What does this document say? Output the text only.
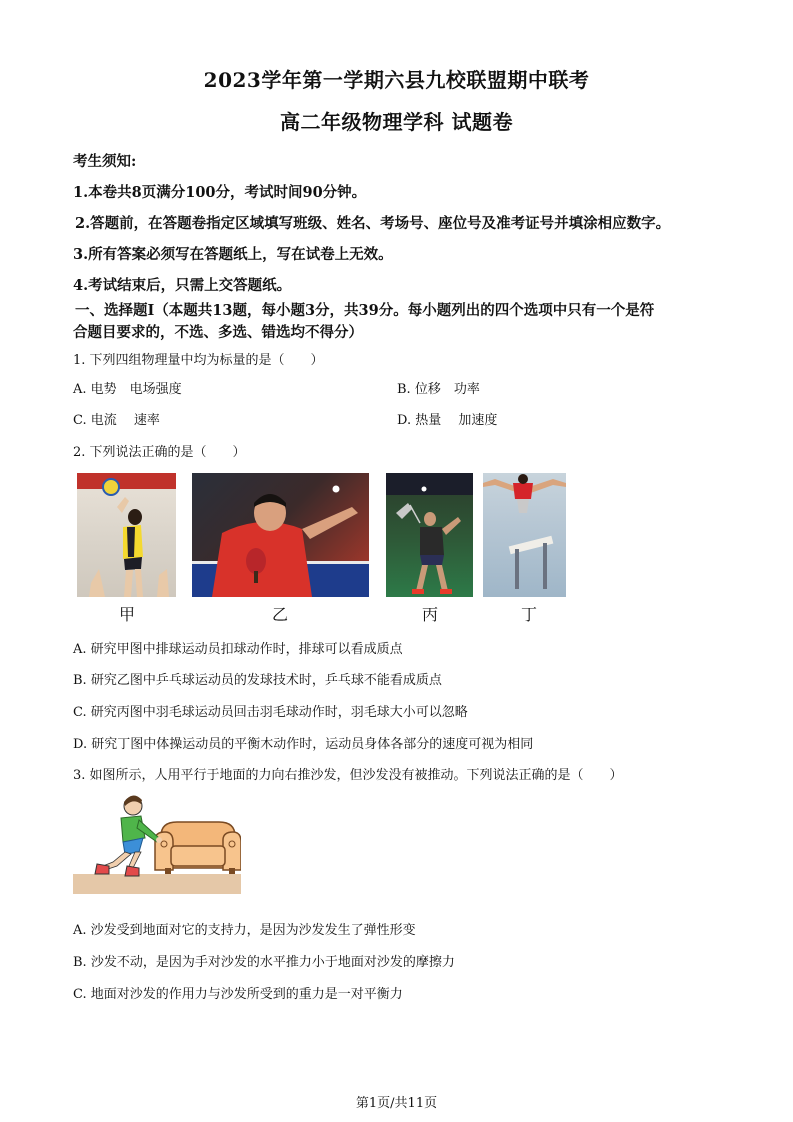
2023学年第一学期六县九校联盟期中联考
高二年级物理学科 试题卷
考生须知:
1.本卷共8页满分100分，考试时间90分钟。
2.答题前，在答题卷指定区域填写班级、姓名、考场号、座位号及准考证号并填涂相应数字。
3.所有答案必须写在答题纸上，写在试卷上无效。
4.考试结束后，只需上交答题纸。
一、选择题Ⅰ（本题共13题，每小题3分，共39分。每小题列出的四个选项中只有一个是符
合题目要求的，不选、多选、错选均不得分）
1. 下列四组物理量中均为标量的是（　　）
A. 电势　电场强度	B. 位移　功率
C. 电流　 速率	D. 热量　 加速度
2. 下列说法正确的是（　　）
甲	乙	丙	丁
A. 研究甲图中排球运动员扣球动作时，排球可以看成质点
B. 研究乙图中乒乓球运动员的发球技术时，乒乓球不能看成质点
C. 研究丙图中羽毛球运动员回击羽毛球动作时，羽毛球大小可以忽略
D. 研究丁图中体操运动员的平衡木动作时，运动员身体各部分的速度可视为相同
3. 如图所示，人用平行于地面的力向右推沙发，但沙发没有被推动。下列说法正确的是（　　）
A. 沙发受到地面对它的支持力，是因为沙发发生了弹性形变
B. 沙发不动，是因为手对沙发的水平推力小于地面对沙发的摩擦力
C. 地面对沙发的作用力与沙发所受到的重力是一对平衡力
第1页/共11页
